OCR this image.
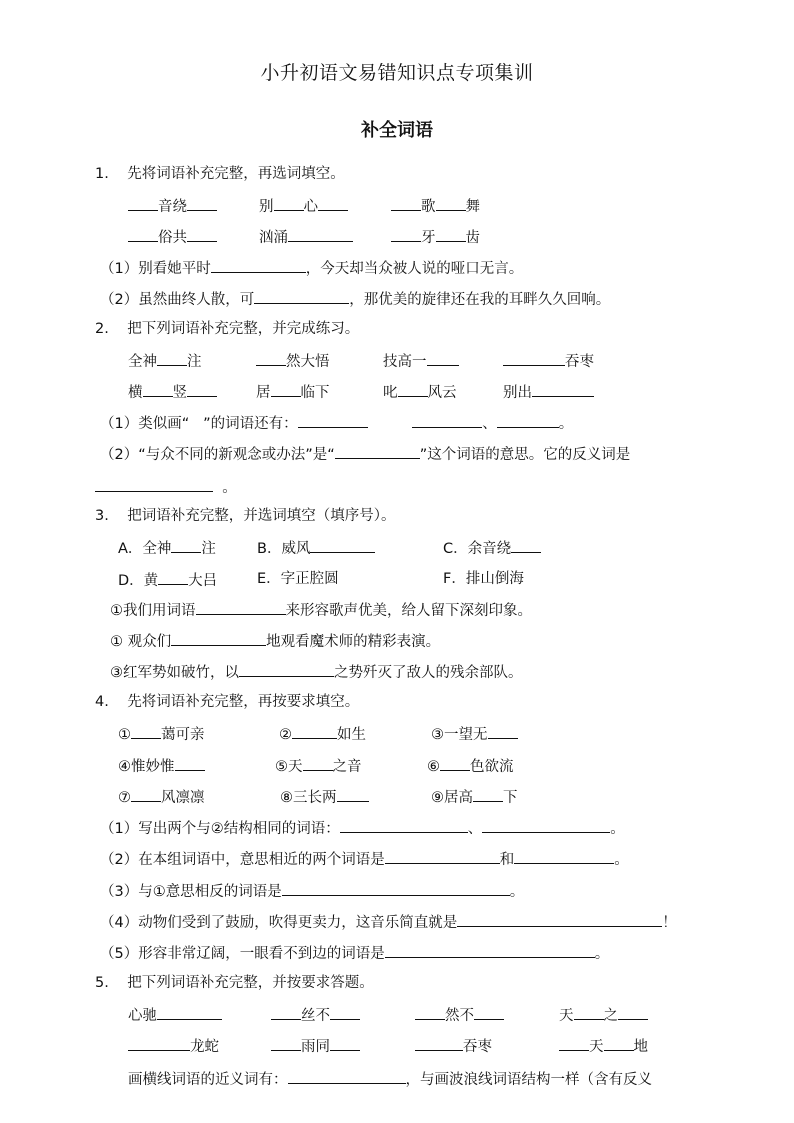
小升初语文易错知识点专项集训
补全词语
1. 先将词语补充完整，再选词填空。
音绕	别 心	歌 舞
俗共	汹涌	牙 齿
（1）别看她平时	，今天却当众被人说的哑口无言。
（2）虽然曲终人散，可	，那优美的旋律还在我的耳畔久久回响。
2. 把下列词语补充完整，并完成练习。
全神 注	然大悟	技高一	吞枣
横 竖	居 临下	叱 风云	别出
（1）类似画“ ”的词语还有：	、	。
（2）“与众不同的新观念或办法”是“	”这个词语的意思。它的反义词是
。
3. 把词语补充完整，并选词填空（填序号）。
A．全神 注	B．威风	C．余音绕
D．黄 大吕	E．字正腔圆	F．排山倒海
①我们用词语	来形容歌声优美，给人留下深刻印象。
① 观众们	地观看魔术师的精彩表演。
③红军势如破竹，以	之势歼灭了敌人的残余部队。
4. 先将词语补充完整，再按要求填空。
① 蔼可亲	②	如生	③一望无
④惟妙惟	⑤天 之音	⑥ 色欲流
⑦ 风凛凛	⑧三长两	⑨居高 下
（1）写出两个与②结构相同的词语：	、	。
（2）在本组词语中，意思相近的两个词语是	和	。
（3）与①意思相反的词语是	。
（4）动物们受到了鼓励，吹得更卖力，这音乐简直就是	！
（5）形容非常辽阔，一眼看不到边的词语是	。
5. 把下列词语补充完整，并按要求答题。
心驰	丝不	然不	天 之
龙蛇	雨同	吞枣	天 地
画横线词语的近义词有：	，与画波浪线词语结构一样（含有反义
